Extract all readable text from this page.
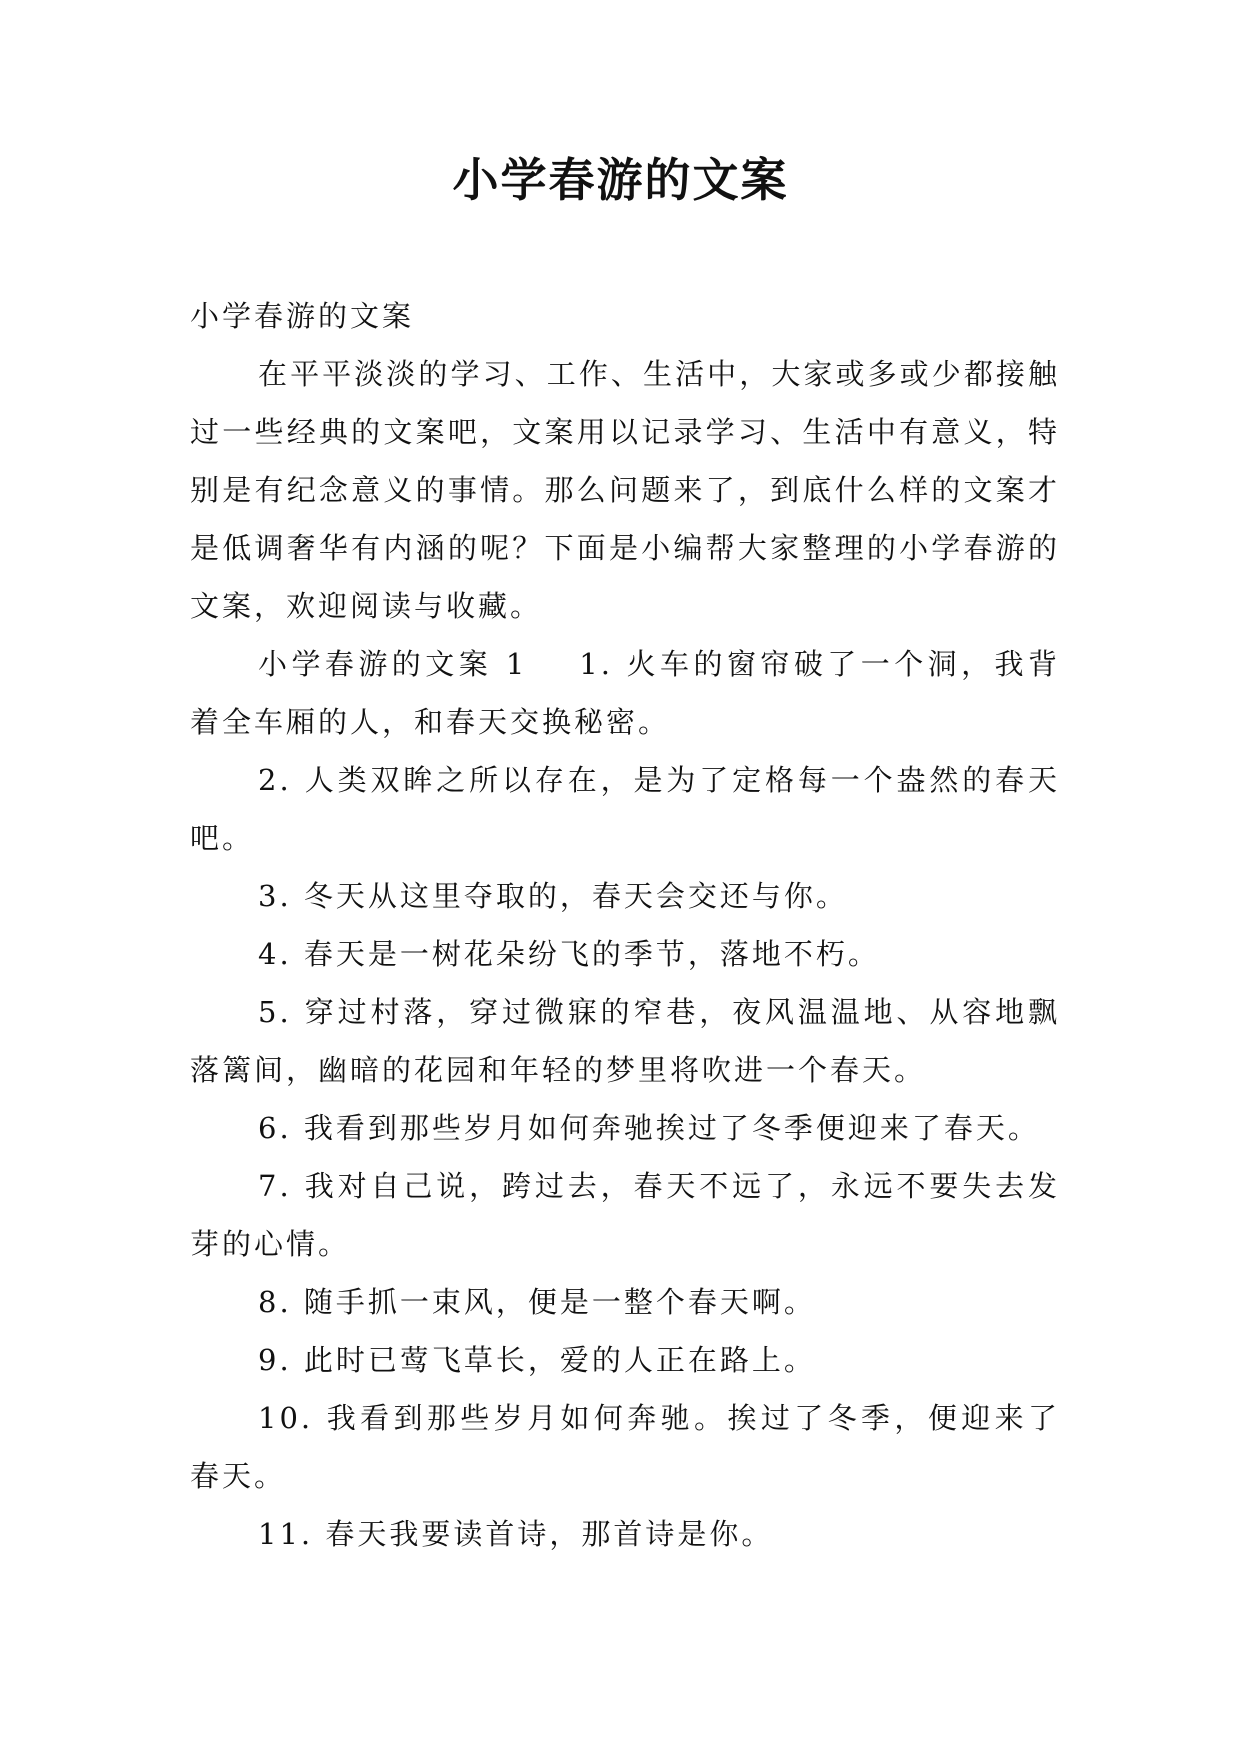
小学春游的文案

小学春游的文案

在平平淡淡的学习、工作、生活中，大家或多或少都接触过一些经典的文案吧，文案用以记录学习、生活中有意义，特别是有纪念意义的事情。那么问题来了，到底什么样的文案才是低调奢华有内涵的呢？下面是小编帮大家整理的小学春游的文案，欢迎阅读与收藏。

小学春游的文案 1 1. 火车的窗帘破了一个洞，我背着全车厢的人，和春天交换秘密。

2. 人类双眸之所以存在，是为了定格每一个盎然的春天吧。

3. 冬天从这里夺取的，春天会交还与你。

4. 春天是一树花朵纷飞的季节，落地不朽。

5. 穿过村落，穿过微寐的窄巷，夜风温温地、从容地飘落篱间，幽暗的花园和年轻的梦里将吹进一个春天。

6. 我看到那些岁月如何奔驰挨过了冬季便迎来了春天。

7. 我对自己说，跨过去，春天不远了，永远不要失去发芽的心情。

8. 随手抓一束风，便是一整个春天啊。

9. 此时已莺飞草长，爱的人正在路上。

10. 我看到那些岁月如何奔驰。挨过了冬季，便迎来了春天。

11. 春天我要读首诗，那首诗是你。
